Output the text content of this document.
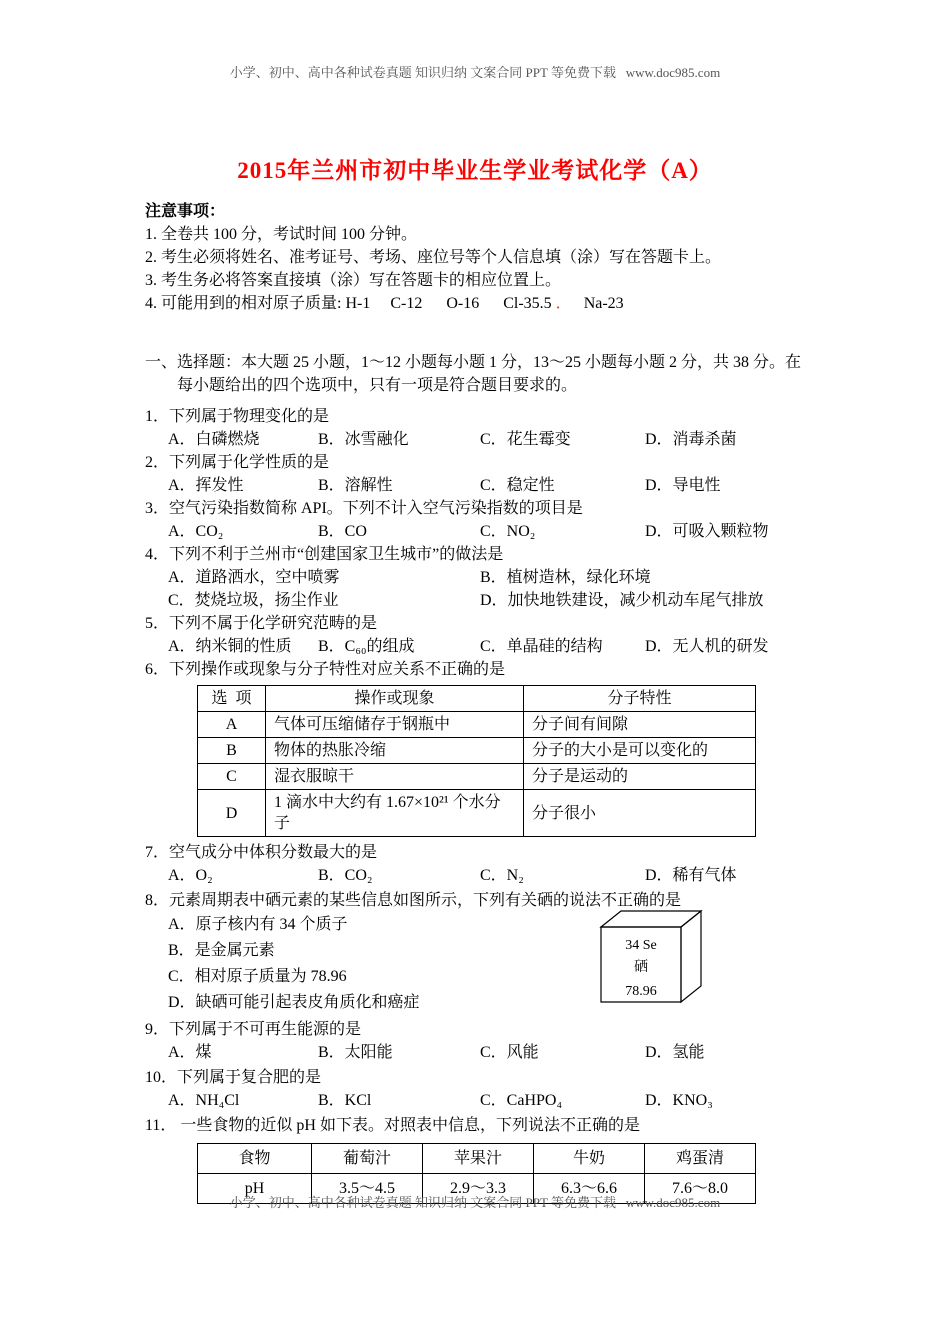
小学、初中、高中各种试卷真题 知识归纳 文案合同 PPT 等免费下载   www.doc985.com
2015年兰州市初中毕业生学业考试化学（A）
注意事项：
1. 全卷共 100 分，考试时间 100 分钟。
2. 考生必须将姓名、准考证号、考场、座位号等个人信息填（涂）写在答题卡上。
3. 考生务必将答案直接填（涂）写在答题卡的相应位置上。
4. 可能用到的相对原子质量: H-1     C-12      O-16      Cl-35.5 ．   Na-23
一、选择题：本大题 25 小题，1～12 小题每小题 1 分，13～25 小题每小题 2 分，共 38 分。在
每小题给出的四个选项中，只有一项是符合题目要求的。
1．下列属于物理变化的是
A．白磷燃烧	B．冰雪融化	C．花生霉变	D．消毒杀菌
2．下列属于化学性质的是
A．挥发性	B．溶解性	C．稳定性	D．导电性
3．空气污染指数简称 API。下列不计入空气污染指数的项目是
A．CO₂	B．CO	C．NO₂	D．可吸入颗粒物
4．下列不利于兰州市“创建国家卫生城市”的做法是
A．道路洒水，空中喷雾	B．植树造林，绿化环境
C．焚烧垃圾，扬尘作业	D．加快地铁建设，减少机动车尾气排放
5．下列不属于化学研究范畴的是
A．纳米铜的性质	B．C₆₀的组成	C．单晶硅的结构	D．无人机的研发
6．下列操作或现象与分子特性对应关系不正确的是
选  项	操作或现象	分子特性
A	气体可压缩储存于钢瓶中	分子间有间隙
B	物体的热胀冷缩	分子的大小是可以变化的
C	湿衣服晾干	分子是运动的
D	1 滴水中大约有 1.67×10²¹ 个水分子	分子很小
7．空气成分中体积分数最大的是
A．O₂	B．CO₂	C．N₂	D．稀有气体
8．元素周期表中硒元素的某些信息如图所示，下列有关硒的说法不正确的是
A．原子核内有 34 个质子
B．是金属元素
C．相对原子质量为 78.96
D．缺硒可能引起表皮角质化和癌症
34 Se
硒
78.96
9．下列属于不可再生能源的是
A．煤	B．太阳能	C．风能	D．氢能
10．下列属于复合肥的是
A．NH₄Cl	B．KCl	C．CaHPO₄	D．KNO₃
11． 一些食物的近似 pH 如下表。对照表中信息，下列说法不正确的是
食物	葡萄汁	苹果汁	牛奶	鸡蛋清
pH	3.5～4.5	2.9～3.3	6.3～6.6	7.6～8.0
小学、初中、高中各种试卷真题 知识归纳 文案合同 PPT 等免费下载   www.doc985.com
